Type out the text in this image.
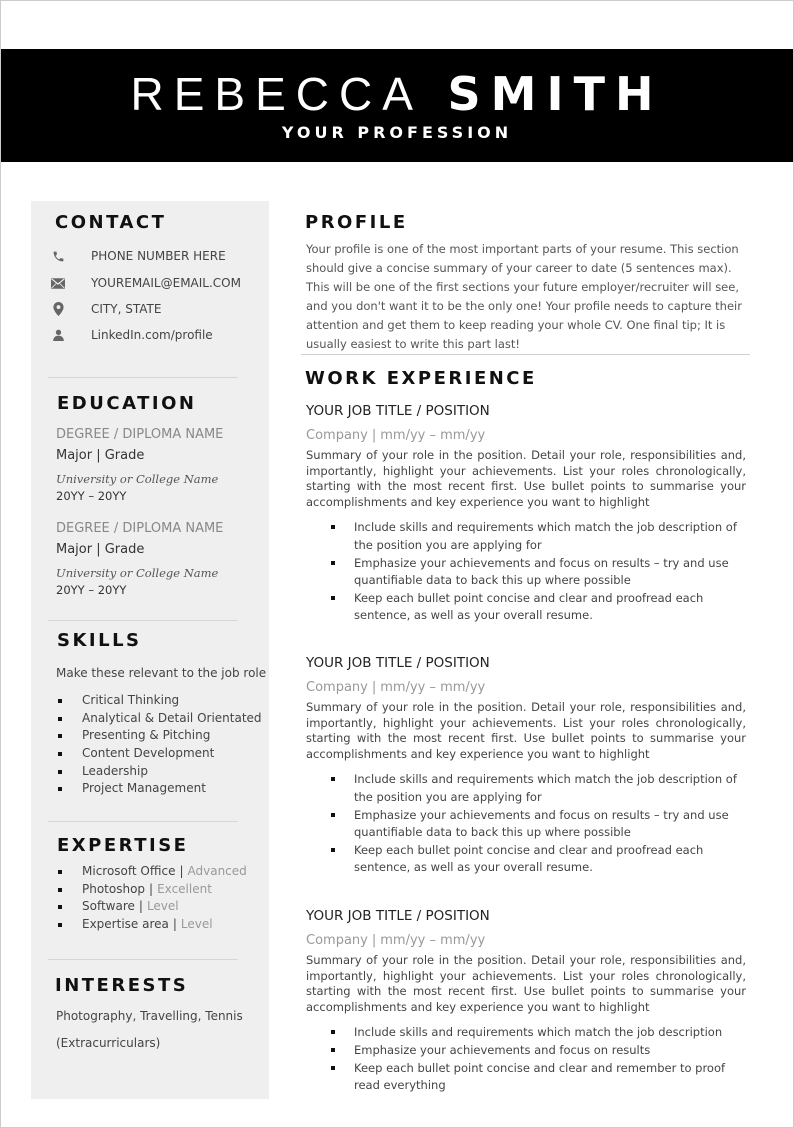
REBECCA SMITH
YOUR PROFESSION
CONTACT
PHONE NUMBER HERE
YOUREMAIL@EMAIL.COM
CITY, STATE
LinkedIn.com/profile
EDUCATION
DEGREE / DIPLOMA NAME
Major | Grade
University or College Name
20YY – 20YY
DEGREE / DIPLOMA NAME
Major | Grade
University or College Name
20YY – 20YY
SKILLS
Make these relevant to the job role
Critical Thinking
Analytical & Detail Orientated
Presenting & Pitching
Content Development
Leadership
Project Management
EXPERTISE
Microsoft Office | Advanced
Photoshop | Excellent
Software | Level
Expertise area | Level
INTERESTS
Photography, Travelling, Tennis
(Extracurriculars)
PROFILE
Your profile is one of the most important parts of your resume. This section should give a concise summary of your career to date (5 sentences max). This will be one of the first sections your future employer/recruiter will see, and you don't want it to be the only one! Your profile needs to capture their attention and get them to keep reading your whole CV. One final tip; It is usually easiest to write this part last!
WORK EXPERIENCE
YOUR JOB TITLE / POSITION
Company | mm/yy – mm/yy
Summary of your role in the position. Detail your role, responsibilities and, importantly, highlight your achievements. List your roles chronologically, starting with the most recent first. Use bullet points to summarise your accomplishments and key experience you want to highlight
Include skills and requirements which match the job description of the position you are applying for
Emphasize your achievements and focus on results – try and use quantifiable data to back this up where possible
Keep each bullet point concise and clear and proofread each sentence, as well as your overall resume.
YOUR JOB TITLE / POSITION
Company | mm/yy – mm/yy
Summary of your role in the position. Detail your role, responsibilities and, importantly, highlight your achievements. List your roles chronologically, starting with the most recent first. Use bullet points to summarise your accomplishments and key experience you want to highlight
Include skills and requirements which match the job description of the position you are applying for
Emphasize your achievements and focus on results – try and use quantifiable data to back this up where possible
Keep each bullet point concise and clear and proofread each sentence, as well as your overall resume.
YOUR JOB TITLE / POSITION
Company | mm/yy – mm/yy
Summary of your role in the position. Detail your role, responsibilities and, importantly, highlight your achievements. List your roles chronologically, starting with the most recent first. Use bullet points to summarise your accomplishments and key experience you want to highlight
Include skills and requirements which match the job description
Emphasize your achievements and focus on results
Keep each bullet point concise and clear and remember to proof read everything
